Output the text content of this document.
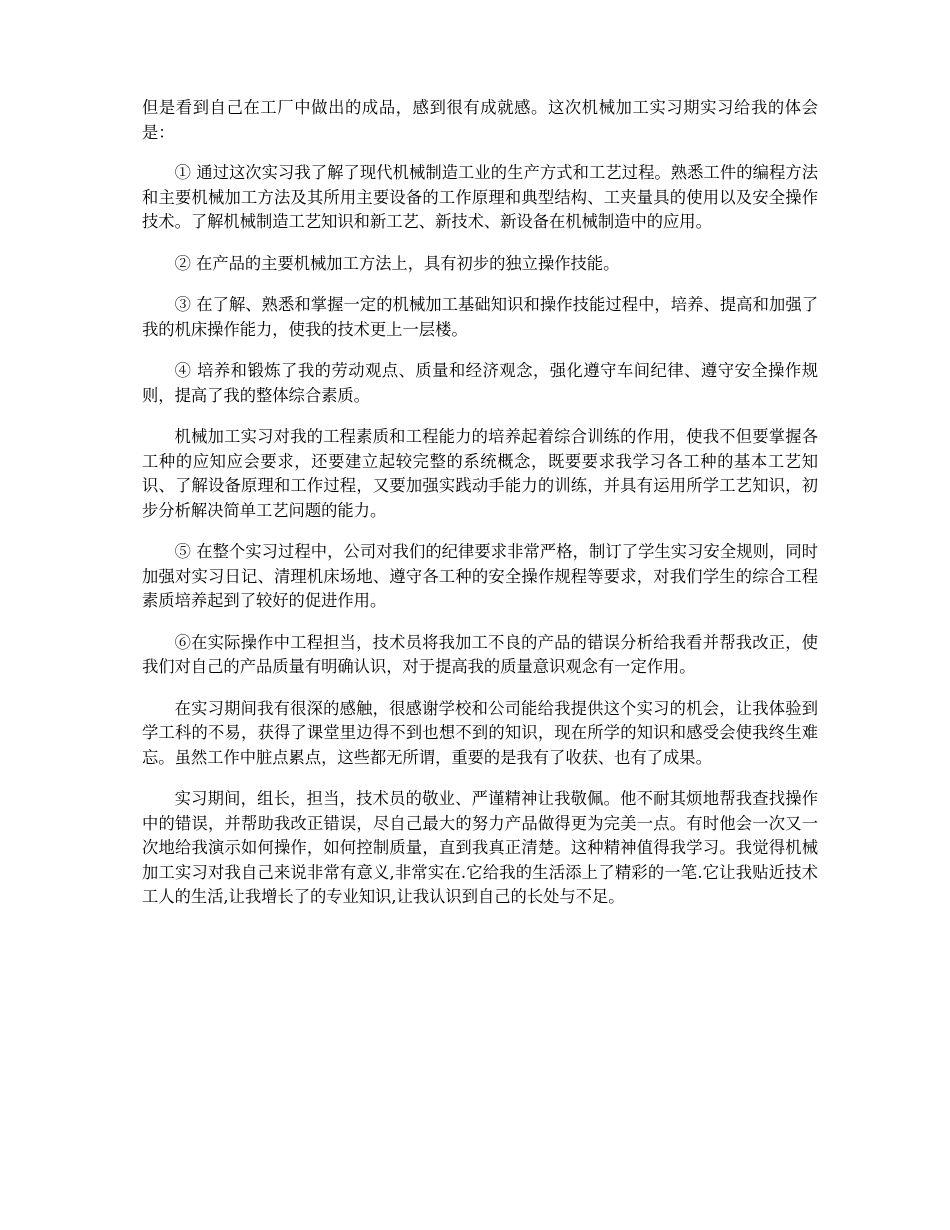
但是看到自己在工厂中做出的成品，感到很有成就感。这次机械加工实习期实习给我的体会是：

① 通过这次实习我了解了现代机械制造工业的生产方式和工艺过程。熟悉工件的编程方法和主要机械加工方法及其所用主要设备的工作原理和典型结构、工夹量具的使用以及安全操作技术。了解机械制造工艺知识和新工艺、新技术、新设备在机械制造中的应用。

② 在产品的主要机械加工方法上，具有初步的独立操作技能。

③ 在了解、熟悉和掌握一定的机械加工基础知识和操作技能过程中，培养、提高和加强了我的机床操作能力，使我的技术更上一层楼。

④ 培养和锻炼了我的劳动观点、质量和经济观念，强化遵守车间纪律、遵守安全操作规则，提高了我的整体综合素质。

机械加工实习对我的工程素质和工程能力的培养起着综合训练的作用，使我不但要掌握各工种的应知应会要求，还要建立起较完整的系统概念，既要要求我学习各工种的基本工艺知识、了解设备原理和工作过程，又要加强实践动手能力的训练，并具有运用所学工艺知识，初步分析解决简单工艺问题的能力。

⑤ 在整个实习过程中，公司对我们的纪律要求非常严格，制订了学生实习安全规则，同时加强对实习日记、清理机床场地、遵守各工种的安全操作规程等要求，对我们学生的综合工程素质培养起到了较好的促进作用。

⑥在实际操作中工程担当，技术员将我加工不良的产品的错误分析给我看并帮我改正，使我们对自己的产品质量有明确认识，对于提高我的质量意识观念有一定作用。

在实习期间我有很深的感触，很感谢学校和公司能给我提供这个实习的机会，让我体验到学工科的不易，获得了课堂里边得不到也想不到的知识，现在所学的知识和感受会使我终生难忘。虽然工作中脏点累点，这些都无所谓，重要的是我有了收获、也有了成果。

实习期间，组长，担当，技术员的敬业、严谨精神让我敬佩。他不耐其烦地帮我查找操作中的错误，并帮助我改正错误，尽自己最大的努力产品做得更为完美一点。有时他会一次又一次地给我演示如何操作，如何控制质量，直到我真正清楚。这种精神值得我学习。我觉得机械加工实习对我自己来说非常有意义,非常实在.它给我的生活添上了精彩的一笔.它让我贴近技术工人的生活,让我增长了的专业知识,让我认识到自己的长处与不足。
